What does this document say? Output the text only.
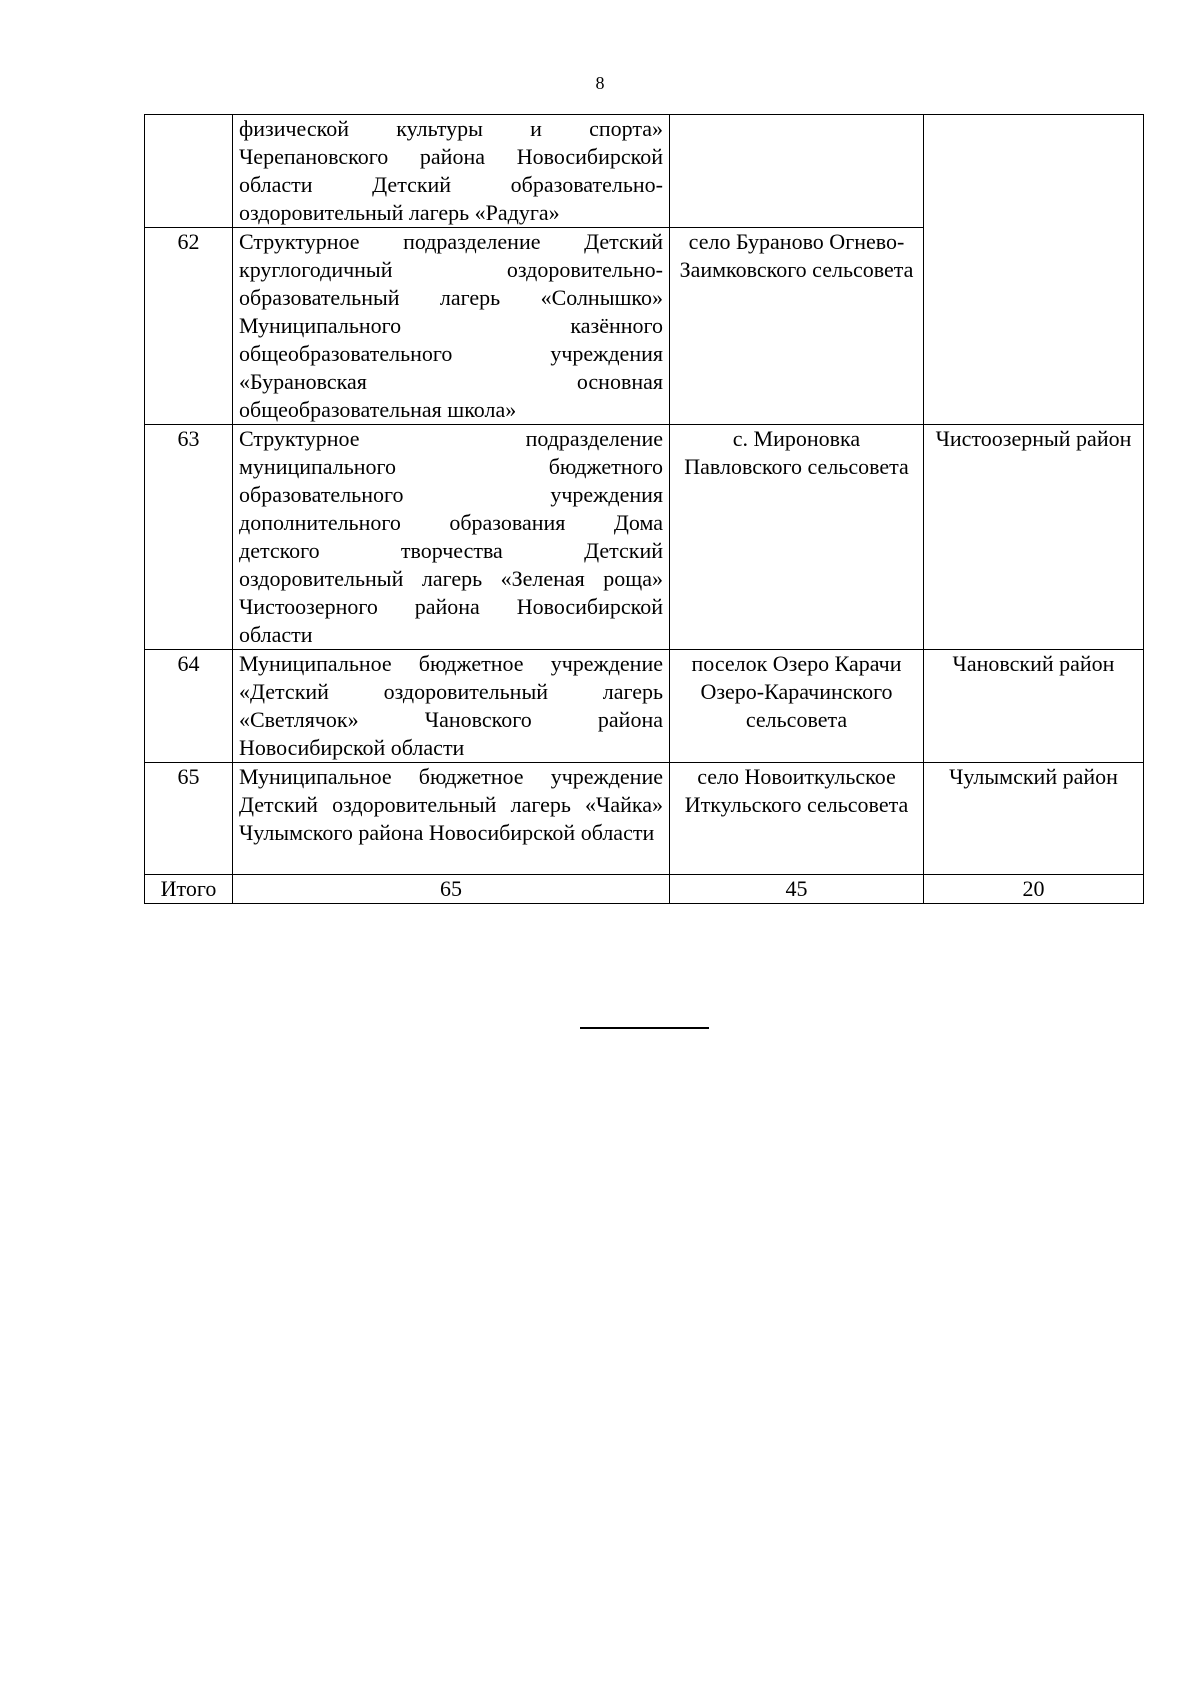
8
	физической культуры и спорта» Черепановского района Новосибирской области Детский образовательно-оздоровительный лагерь «Радуга»		
62	Структурное подразделение Детский круглогодичный оздоровительно-образовательный лагерь «Солнышко» Муниципального казённого общеобразовательного учреждения «Бурановская основная общеобразовательная школа»	село Бураново Огнево-Заимковского сельсовета	
63	Структурное подразделение муниципального бюджетного образовательного учреждения дополнительного образования Дома детского творчества Детский оздоровительный лагерь «Зеленая роща» Чистоозерного района Новосибирской области	с. Мироновка Павловского сельсовета	Чистоозерный район
64	Муниципальное бюджетное учреждение «Детский оздоровительный лагерь «Светлячок» Чановского района Новосибирской области	поселок Озеро Карачи Озеро-Карачинского сельсовета	Чановский район
65	Муниципальное бюджетное учреждение Детский оздоровительный лагерь «Чайка» Чулымского района Новосибирской области	село Новоиткульское Иткульского сельсовета	Чулымский район
Итого	65	45	20
